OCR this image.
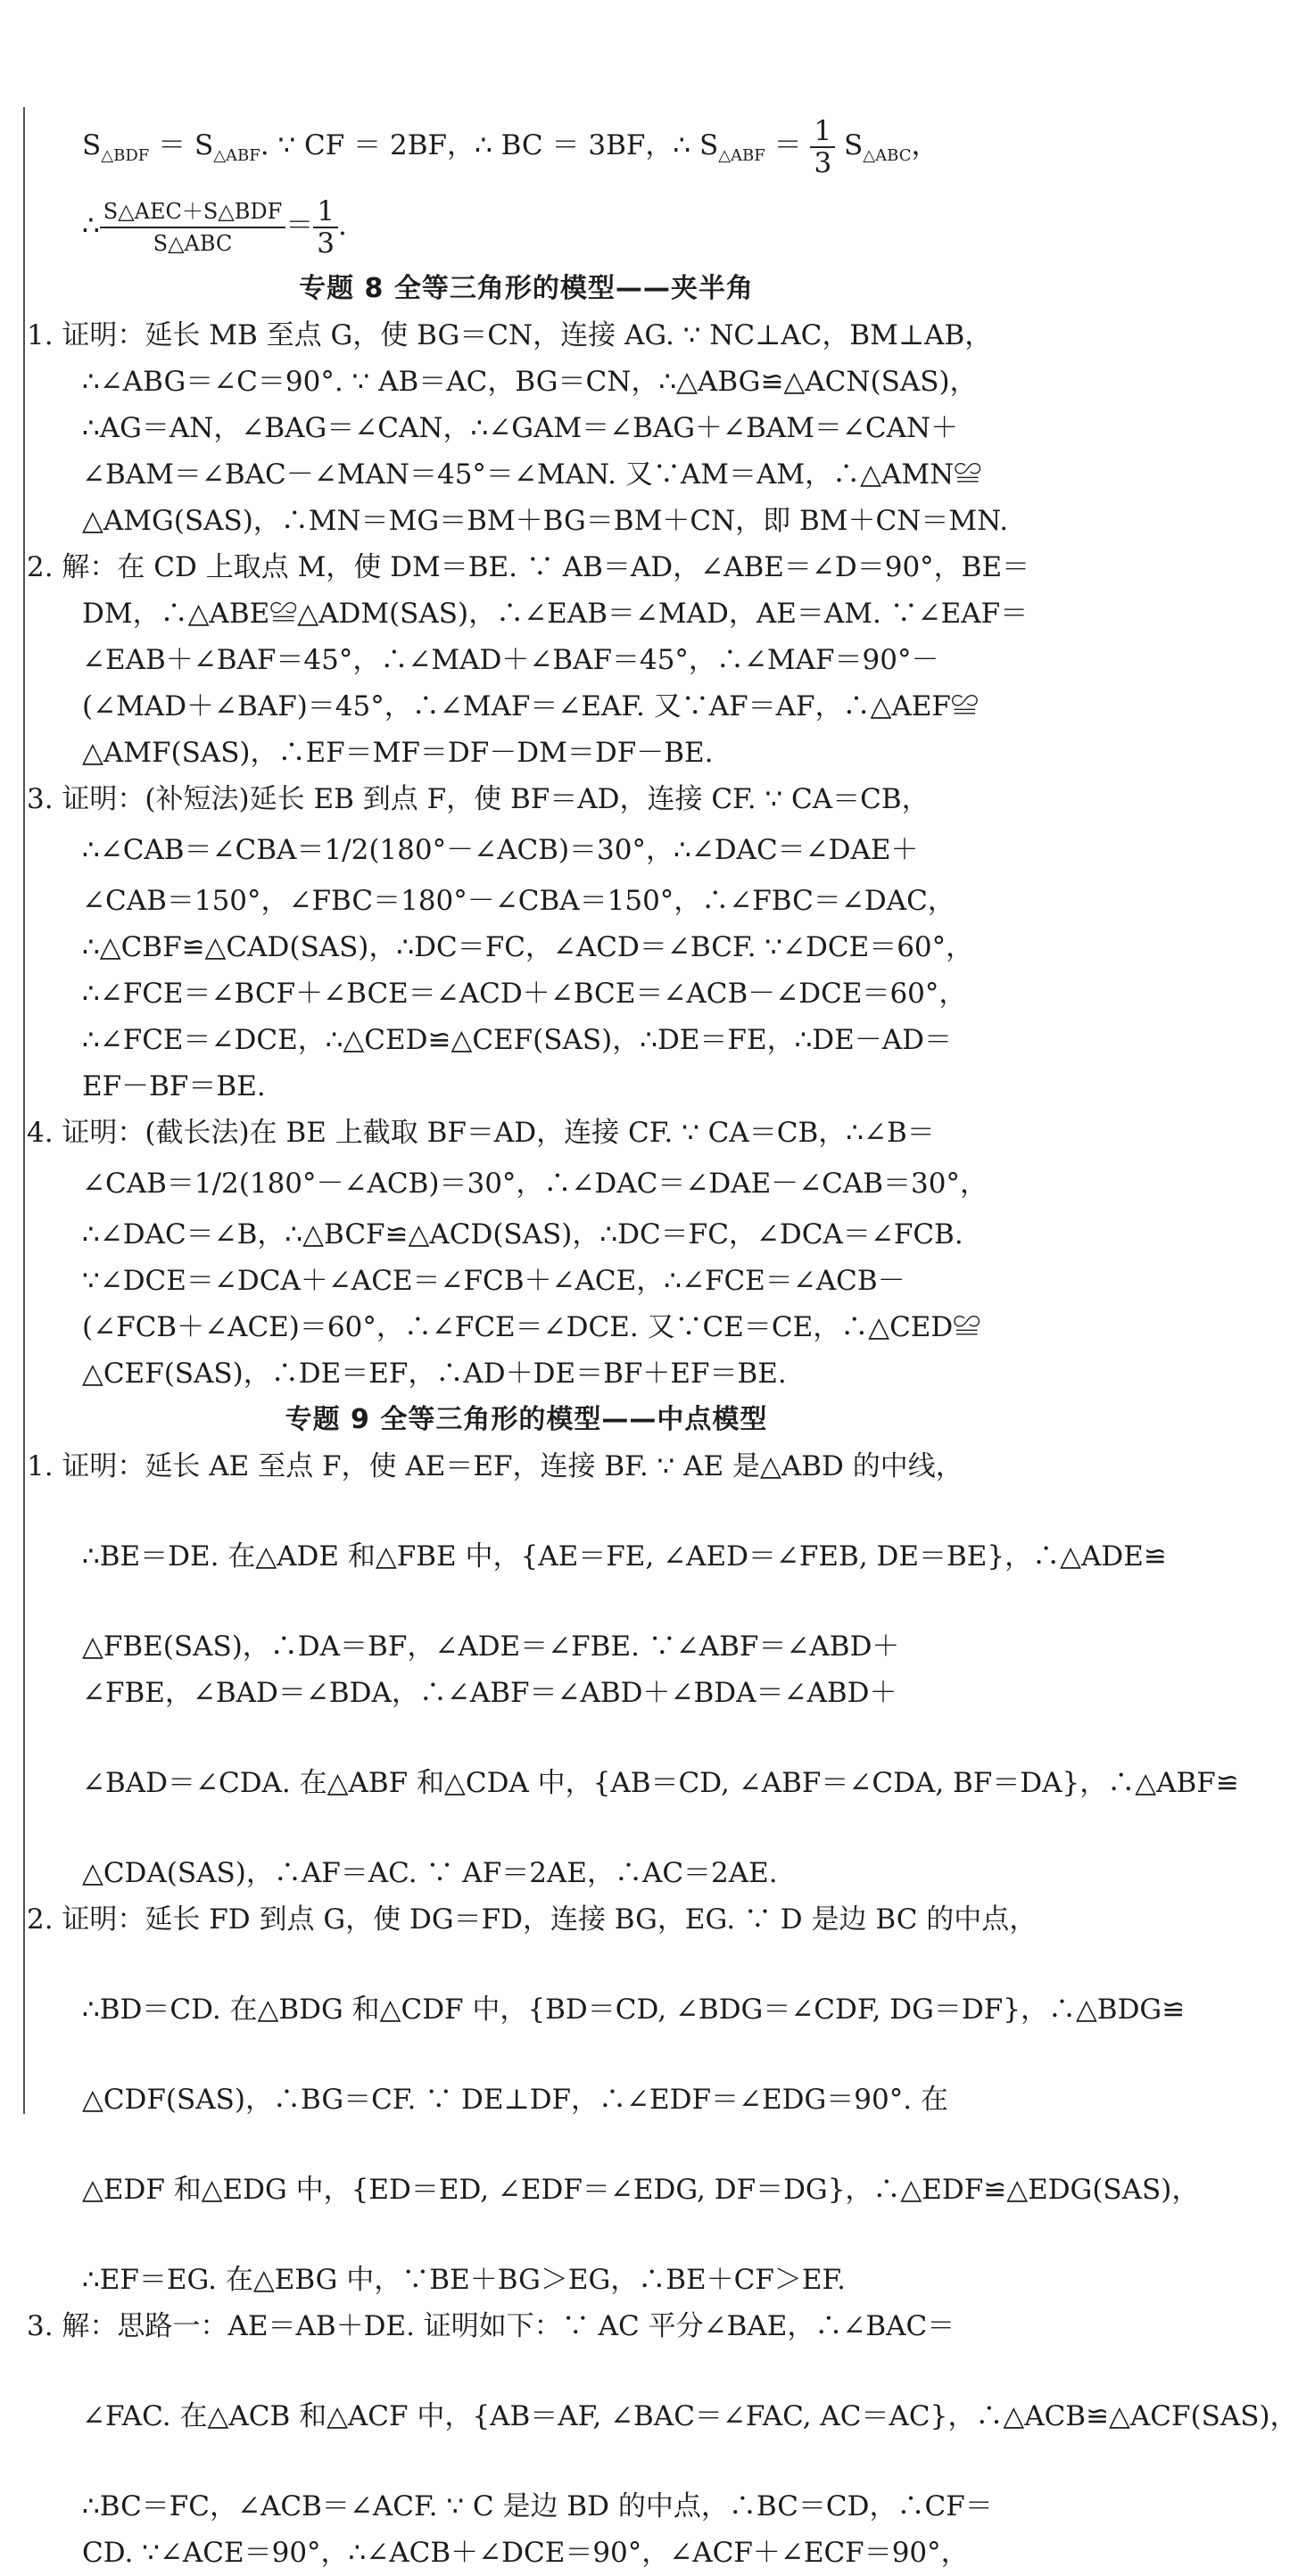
$S_{\triangle BDF} = S_{\triangle ABF}$. ∵ CF ＝ 2BF，∴ BC ＝ 3BF，∴ $S_{\triangle ABF} = \frac{1}{3} S_{\triangle ABC}$，
∴ S△AEC＋S△BDF
S△ABC
＝ $\frac{1}{3}$ .
专题 8 全等三角形的模型——夹半角
1. 证明：延长 MB 至点 G，使 BG＝CN，连接 AG. ∵ NC⊥AC，BM⊥AB，
∴∠ABG＝∠C＝90°. ∵ AB＝AC，BG＝CN，∴△ABG≌△ACN(SAS)，
∴AG＝AN，∠BAG＝∠CAN，∴∠GAM＝∠BAG＋∠BAM＝∠CAN＋
∠BAM＝∠BAC－∠MAN＝45°＝∠MAN. 又∵AM＝AM，∴△AMN≌
△AMG(SAS)，∴MN＝MG＝BM＋BG＝BM＋CN，即 BM＋CN＝MN.
2. 解：在 CD 上取点 M，使 DM＝BE. ∵ AB＝AD，∠ABE＝∠D＝90°，BE＝
DM，∴△ABE≌△ADM(SAS)，∴∠EAB＝∠MAD，AE＝AM. ∵∠EAF＝
∠EAB＋∠BAF＝45°，∴∠MAD＋∠BAF＝45°，∴∠MAF＝90°－
(∠MAD＋∠BAF)＝45°，∴∠MAF＝∠EAF. 又∵AF＝AF，∴△AEF≌
△AMF(SAS)，∴EF＝MF＝DF－DM＝DF－BE.
3. 证明：(补短法)延长 EB 到点 F，使 BF＝AD，连接 CF. ∵ CA＝CB，
∴∠CAB＝∠CBA＝1/2(180°－∠ACB)＝30°，∴∠DAC＝∠DAE＋
∠CAB＝150°，∠FBC＝180°－∠CBA＝150°，∴∠FBC＝∠DAC，
∴△CBF≌△CAD(SAS)，∴DC＝FC，∠ACD＝∠BCF. ∵∠DCE＝60°，
∴∠FCE＝∠BCF＋∠BCE＝∠ACD＋∠BCE＝∠ACB－∠DCE＝60°，
∴∠FCE＝∠DCE，∴△CED≌△CEF(SAS)，∴DE＝FE，∴DE－AD＝
EF－BF＝BE.
4. 证明：(截长法)在 BE 上截取 BF＝AD，连接 CF. ∵ CA＝CB，∴∠B＝
∠CAB＝1/2(180°－∠ACB)＝30°，∴∠DAC＝∠DAE－∠CAB＝30°，
∴∠DAC＝∠B，∴△BCF≌△ACD(SAS)，∴DC＝FC，∠DCA＝∠FCB.
∵∠DCE＝∠DCA＋∠ACE＝∠FCB＋∠ACE，∴∠FCE＝∠ACB－
(∠FCB＋∠ACE)＝60°，∴∠FCE＝∠DCE. 又∵CE＝CE，∴△CED≌
△CEF(SAS)，∴DE＝EF，∴AD＋DE＝BF＋EF＝BE.
专题 9 全等三角形的模型——中点模型
1. 证明：延长 AE 至点 F，使 AE＝EF，连接 BF. ∵ AE 是△ABD 的中线，
∴BE＝DE. 在△ADE 和△FBE 中，{AE＝FE, ∠AED＝∠FEB, DE＝BE}，∴△ADE≌
△FBE(SAS)，∴DA＝BF，∠ADE＝∠FBE. ∵∠ABF＝∠ABD＋
∠FBE，∠BAD＝∠BDA，∴∠ABF＝∠ABD＋∠BDA＝∠ABD＋
∠BAD＝∠CDA. 在△ABF 和△CDA 中，{AB＝CD, ∠ABF＝∠CDA, BF＝DA}，∴△ABF≌
△CDA(SAS)，∴AF＝AC. ∵ AF＝2AE，∴AC＝2AE.
2. 证明：延长 FD 到点 G，使 DG＝FD，连接 BG，EG. ∵ D 是边 BC 的中点，
∴BD＝CD. 在△BDG 和△CDF 中，{BD＝CD, ∠BDG＝∠CDF, DG＝DF}，∴△BDG≌
△CDF(SAS)，∴BG＝CF. ∵ DE⊥DF，∴∠EDF＝∠EDG＝90°. 在
△EDF 和△EDG 中，{ED＝ED, ∠EDF＝∠EDG, DF＝DG}，∴△EDF≌△EDG(SAS)，
∴EF＝EG. 在△EBG 中，∵BE＋BG＞EG，∴BE＋CF＞EF.
3. 解：思路一：AE＝AB＋DE. 证明如下：∵ AC 平分∠BAE，∴∠BAC＝
∠FAC. 在△ACB 和△ACF 中，{AB＝AF, ∠BAC＝∠FAC, AC＝AC}，∴△ACB≌△ACF(SAS)，
∴BC＝FC，∠ACB＝∠ACF. ∵ C 是边 BD 的中点，∴BC＝CD，∴CF＝
CD. ∵∠ACE＝90°，∴∠ACB＋∠DCE＝90°，∠ACF＋∠ECF＝90°，
